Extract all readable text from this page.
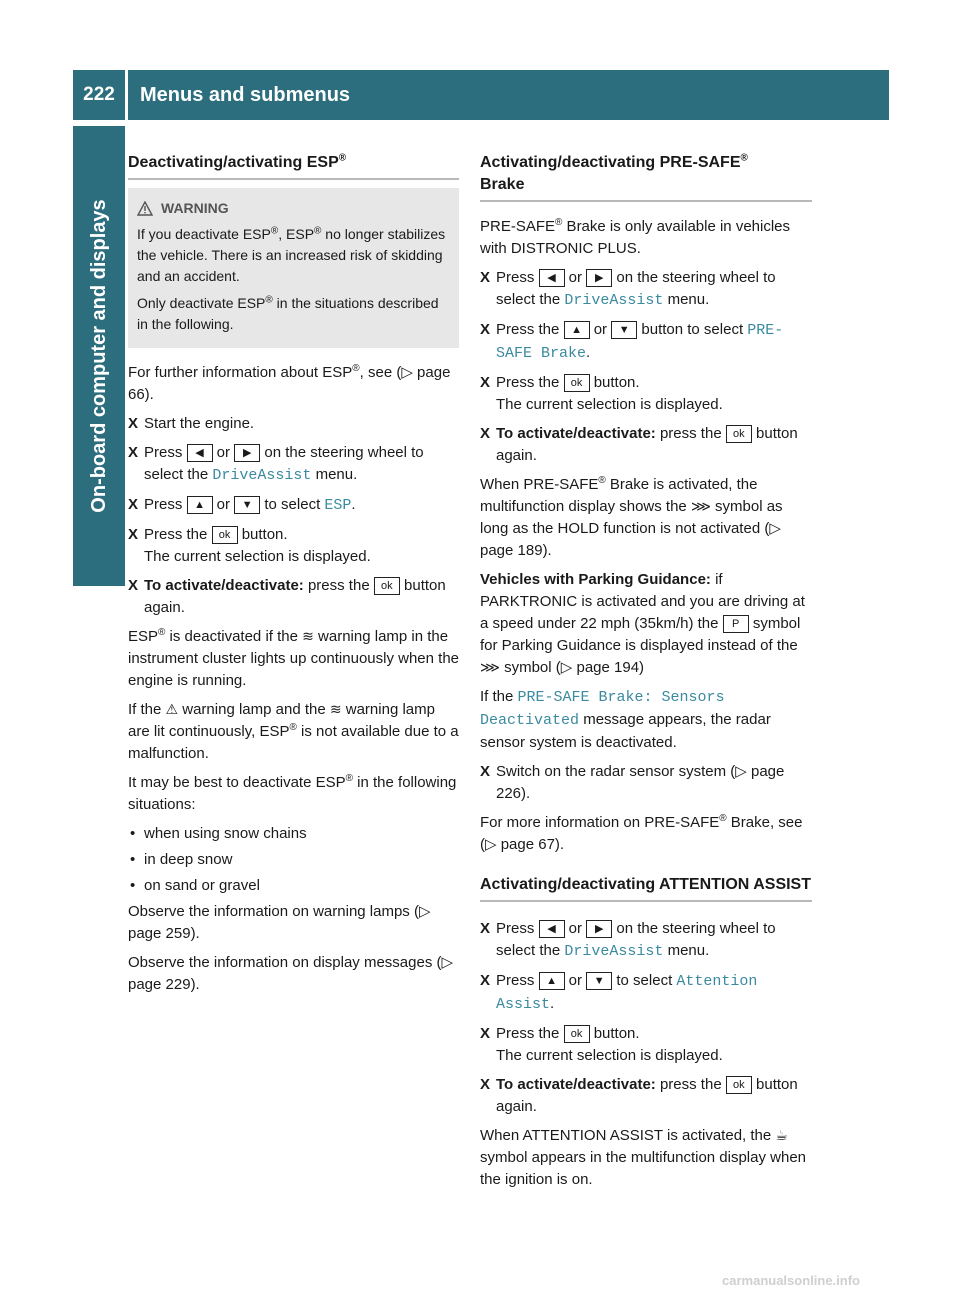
222	Menus and submenus
On-board computer and displays
Deactivating/activating ESP®
WARNING

If you deactivate ESP®, ESP® no longer stabilizes the vehicle. There is an increased risk of skidding and an accident.

Only deactivate ESP® in the situations described in the following.

For further information about ESP®, see (▷ page 66).

X Start the engine.
X Press ◀ or ▶ on the steering wheel to select the DriveAssist menu.
X Press ▲ or ▼ to select ESP.
X Press the ok button.
The current selection is displayed.
X To activate/deactivate: press the ok button again.

ESP® is deactivated if the ≋ warning lamp in the instrument cluster lights up continuously when the engine is running.

If the ⚠ warning lamp and the ≋ warning lamp are lit continuously, ESP® is not available due to a malfunction.

It may be best to deactivate ESP® in the following situations:

• when using snow chains
• in deep snow
• on sand or gravel

Observe the information on warning lamps (▷ page 259).

Observe the information on display messages (▷ page 229).

Activating/deactivating PRE-SAFE®
Brake

PRE-SAFE® Brake is only available in vehicles with DISTRONIC PLUS.

X Press ◀ or ▶ on the steering wheel to select the DriveAssist menu.
X Press the ▲ or ▼ button to select PRE-SAFE Brake.
X Press the ok button.
The current selection is displayed.
X To activate/deactivate: press the ok button again.

When PRE-SAFE® Brake is activated, the multifunction display shows the ⋙ symbol as long as the HOLD function is not activated (▷ page 189).

Vehicles with Parking Guidance: if PARKTRONIC is activated and you are driving at a speed under 22 mph (35km/h) the P symbol for Parking Guidance is displayed instead of the ⋙ symbol (▷ page 194)

If the PRE-SAFE Brake: Sensors Deactivated message appears, the radar sensor system is deactivated.

X Switch on the radar sensor system (▷ page 226).

For more information on PRE-SAFE® Brake, see (▷ page 67).

Activating/deactivating ATTENTION ASSIST
X Press ◀ or ▶ on the steering wheel to select the DriveAssist menu.
X Press ▲ or ▼ to select Attention Assist.
X Press the ok button.
The current selection is displayed.
X To activate/deactivate: press the ok button again.

When ATTENTION ASSIST is activated, the ☕ symbol appears in the multifunction display when the ignition is on.

carmanualsonline.info
